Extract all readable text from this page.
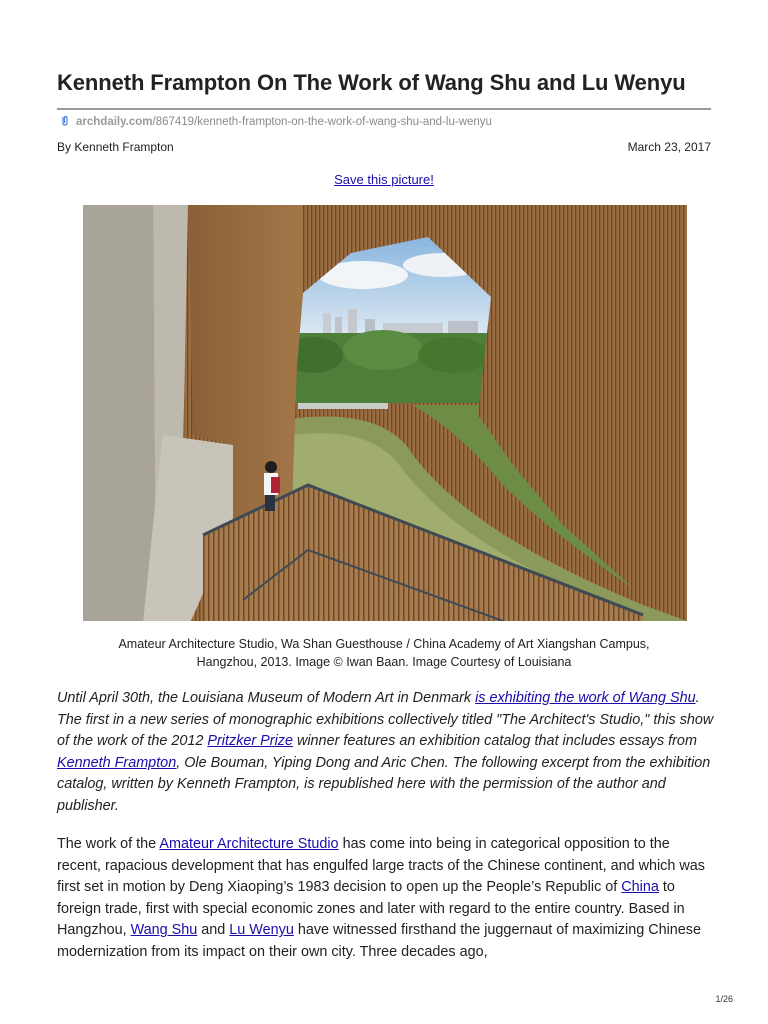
Kenneth Frampton On The Work of Wang Shu and Lu Wenyu
archdaily.com/867419/kenneth-frampton-on-the-work-of-wang-shu-and-lu-wenyu
By Kenneth Frampton	March 23, 2017
Save this picture!
Amateur Architecture Studio, Wa Shan Guesthouse / China Academy of Art Xiangshan Campus,
Hangzhou, 2013. Image © Iwan Baan. Image Courtesy of Louisiana

Until April 30th, the Louisiana Museum of Modern Art in Denmark is exhibiting the work of Wang Shu. The first in a new series of monographic exhibitions collectively titled "The Architect's Studio," this show of the work of the 2012 Pritzker Prize winner features an exhibition catalog that includes essays from Kenneth Frampton, Ole Bouman, Yiping Dong and Aric Chen. The following excerpt from the exhibition catalog, written by Kenneth Frampton, is republished here with the permission of the author and publisher.

The work of the Amateur Architecture Studio has come into being in categorical opposition to the recent, rapacious development that has engulfed large tracts of the Chinese continent, and which was first set in motion by Deng Xiaoping’s 1983 decision to open up the People’s Republic of China to foreign trade, first with special economic zones and later with regard to the entire country. Based in Hangzhou, Wang Shu and Lu Wenyu have witnessed firsthand the juggernaut of maximizing Chinese modernization from its impact on their own city. Three decades ago,

1/26
